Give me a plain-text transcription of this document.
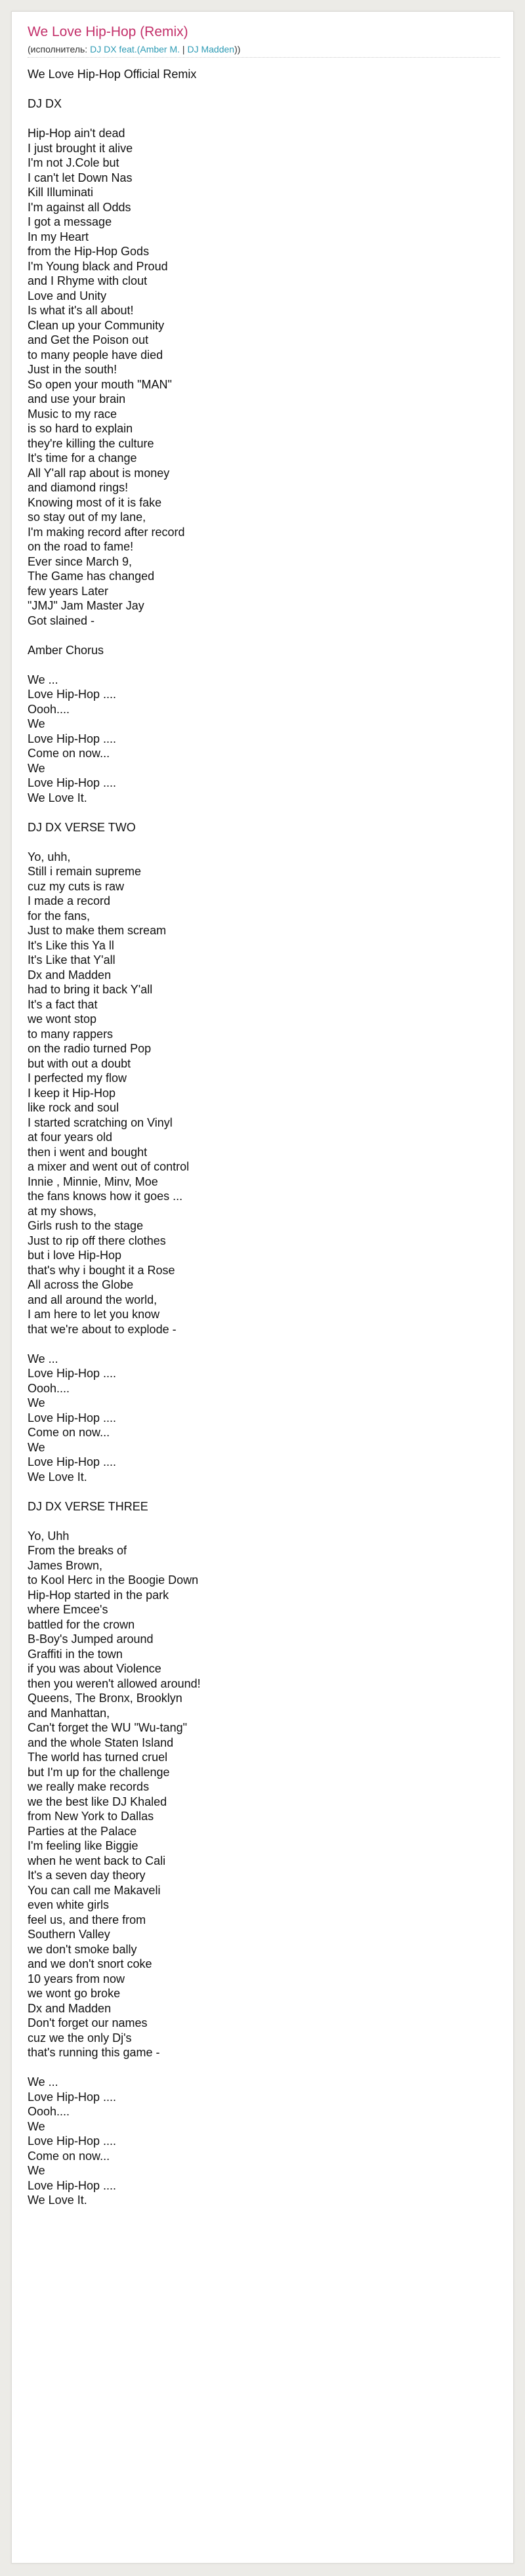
We Love Hip-Hop (Remix)
(исполнитель: DJ DX feat.(Amber M. | DJ Madden))
We Love Hip-Hop Official Remix

DJ DX

Hip-Hop ain't dead
I just brought it alive
I'm not J.Cole but
I can't let Down Nas
Kill Illuminati
I'm against all Odds
I got a message
In my Heart
from the Hip-Hop Gods
I'm Young black and Proud
and I Rhyme with clout
Love and Unity
Is what it's all about!
Clean up your Community
and Get the Poison out
to many people have died
Just in the south!
So open your mouth "MAN"
and use your brain
Music to my race
is so hard to explain
they're killing the culture
It's time for a change
All Y'all rap about is money
and diamond rings!
Knowing most of it is fake
so stay out of my lane,
I'm making record after record
on the road to fame!
Ever since March 9,
The Game has changed
few years Later
"JMJ" Jam Master Jay
Got slained -

Amber Chorus

We ...
Love Hip-Hop ....
Oooh....
We
Love Hip-Hop ....
Come on now...
We
Love Hip-Hop ....
We Love It.

DJ DX VERSE TWO

Yo, uhh,
Still i remain supreme
cuz my cuts is raw
I made a record
for the fans,
Just to make them scream
It's Like this Ya ll
It's Like that Y'all
Dx and Madden
had to bring it back Y'all
It's a fact that
we wont stop
to many rappers
on the radio turned Pop
but with out a doubt
I perfected my flow
I keep it Hip-Hop
like rock and soul
I started scratching on Vinyl
at four years old
then i went and bought
a mixer and went out of control
Innie , Minnie, Minv, Moe
the fans knows how it goes ...
at my shows,
Girls rush to the stage
Just to rip off there clothes
but i love Hip-Hop
that's why i bought it a Rose
All across the Globe
and all around the world,
I am here to let you know
that we're about to explode -

We ...
Love Hip-Hop ....
Oooh....
We
Love Hip-Hop ....
Come on now...
We
Love Hip-Hop ....
We Love It.

DJ DX VERSE THREE

Yo, Uhh
From the breaks of
James Brown,
to Kool Herc in the Boogie Down
Hip-Hop started in the park
where Emcee's
battled for the crown
B-Boy's Jumped around
Graffiti in the town
if you was about Violence
then you weren't allowed around!
Queens, The Bronx, Brooklyn
and Manhattan,
Can't forget the WU "Wu-tang"
and the whole Staten Island
The world has turned cruel
but I'm up for the challenge
we really make records
we the best like DJ Khaled
from New York to Dallas
Parties at the Palace
I'm feeling like Biggie
when he went back to Cali
It's a seven day theory
You can call me Makaveli
even white girls
feel us, and there from
Southern Valley
we don't smoke bally
and we don't snort coke
10 years from now
we wont go broke
Dx and Madden
Don't forget our names
cuz we the only Dj's
that's running this game -

We ...
Love Hip-Hop ....
Oooh....
We
Love Hip-Hop ....
Come on now...
We
Love Hip-Hop ....
We Love It.
